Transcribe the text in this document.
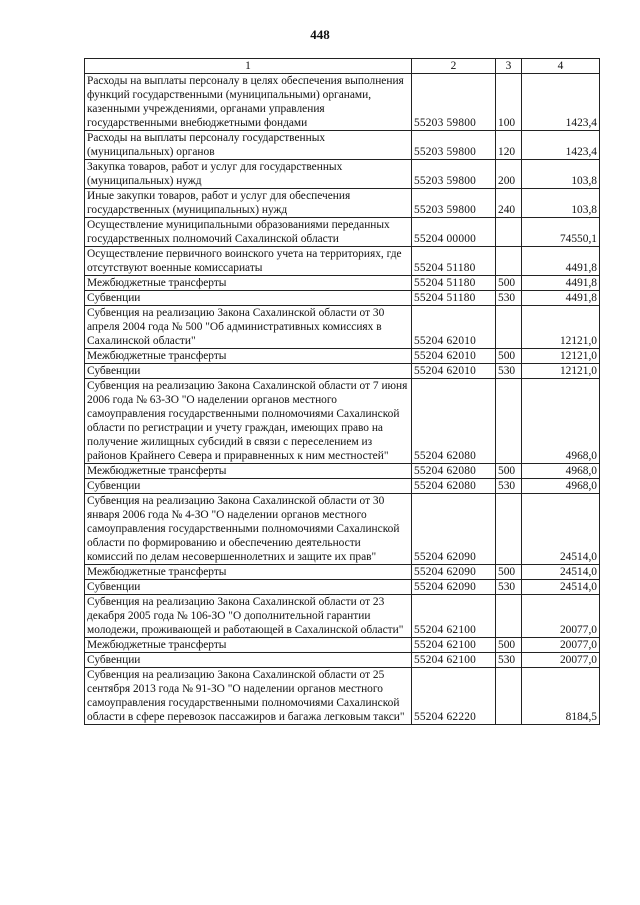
448
1	2	3	4
Расходы на выплаты персоналу в целях обеспечения выполнения функций государственными (муниципальными) органами, казенными учреждениями, органами управления государственными внебюджетными фондами	55203 59800	100	1423,4
Расходы на выплаты персоналу государственных (муниципальных) органов	55203 59800	120	1423,4
Закупка товаров, работ и услуг для государственных (муниципальных) нужд	55203 59800	200	103,8
Иные закупки товаров, работ и услуг для обеспечения государственных (муниципальных) нужд	55203 59800	240	103,8
Осуществление муниципальными образованиями переданных государственных полномочий Сахалинской области	55204 00000		74550,1
Осуществление первичного воинского учета на территориях, где отсутствуют военные комиссариаты	55204 51180		4491,8
Межбюджетные трансферты	55204 51180	500	4491,8
Субвенции	55204 51180	530	4491,8
Субвенция на реализацию Закона Сахалинской области от 30 апреля 2004 года № 500 "Об административных комиссиях в Сахалинской области"	55204 62010		12121,0
Межбюджетные трансферты	55204 62010	500	12121,0
Субвенции	55204 62010	530	12121,0
Субвенция на реализацию Закона Сахалинской области от 7 июня 2006 года № 63-ЗО "О наделении органов местного самоуправления государственными полномочиями Сахалинской области по регистрации и учету граждан, имеющих право на получение жилищных субсидий в связи с переселением из районов Крайнего Севера и приравненных к ним местностей"	55204 62080		4968,0
Межбюджетные трансферты	55204 62080	500	4968,0
Субвенции	55204 62080	530	4968,0
Субвенция на реализацию Закона Сахалинской области от 30 января 2006 года № 4-ЗО "О наделении органов местного самоуправления государственными полномочиями Сахалинской области по формированию и обеспечению деятельности комиссий по делам несовершеннолетних и защите их прав"	55204 62090		24514,0
Межбюджетные трансферты	55204 62090	500	24514,0
Субвенции	55204 62090	530	24514,0
Субвенция на реализацию Закона Сахалинской области от 23 декабря 2005 года № 106-ЗО "О дополнительной гарантии молодежи, проживающей и работающей в Сахалинской области"	55204 62100		20077,0
Межбюджетные трансферты	55204 62100	500	20077,0
Субвенции	55204 62100	530	20077,0
Субвенция на реализацию Закона Сахалинской области от 25 сентября 2013 года № 91-ЗО "О наделении органов местного самоуправления государственными полномочиями Сахалинской области в сфере перевозок пассажиров и багажа легковым такси"	55204 62220		8184,5
